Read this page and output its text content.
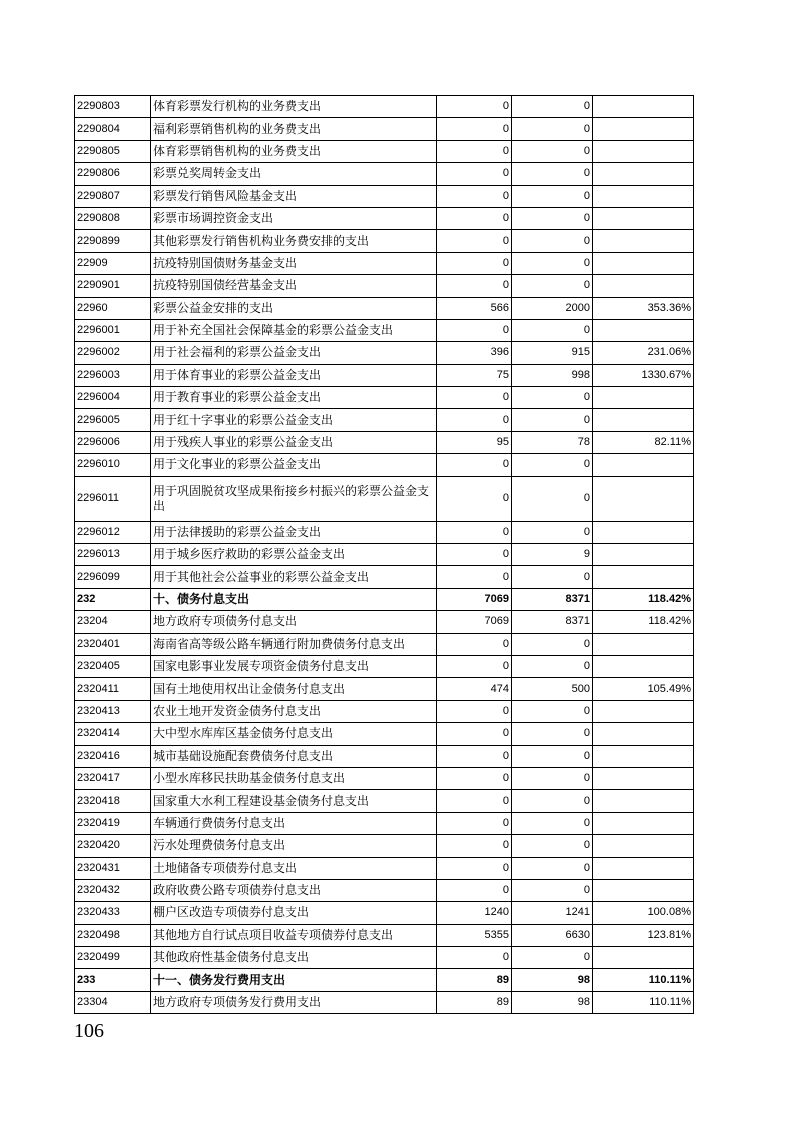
2290803	体育彩票发行机构的业务费支出	0	0	
2290804	福利彩票销售机构的业务费支出	0	0	
2290805	体育彩票销售机构的业务费支出	0	0	
2290806	彩票兑奖周转金支出	0	0	
2290807	彩票发行销售风险基金支出	0	0	
2290808	彩票市场调控资金支出	0	0	
2290899	其他彩票发行销售机构业务费安排的支出	0	0	
22909	抗疫特别国债财务基金支出	0	0	
2290901	抗疫特别国债经营基金支出	0	0	
22960	彩票公益金安排的支出	566	2000	353.36%
2296001	用于补充全国社会保障基金的彩票公益金支出	0	0	
2296002	用于社会福利的彩票公益金支出	396	915	231.06%
2296003	用于体育事业的彩票公益金支出	75	998	1330.67%
2296004	用于教育事业的彩票公益金支出	0	0	
2296005	用于红十字事业的彩票公益金支出	0	0	
2296006	用于残疾人事业的彩票公益金支出	95	78	82.11%
2296010	用于文化事业的彩票公益金支出	0	0	
2296011	用于巩固脱贫攻坚成果衔接乡村振兴的彩票公益金支出	0	0	
2296012	用于法律援助的彩票公益金支出	0	0	
2296013	用于城乡医疗救助的彩票公益金支出	0	9	
2296099	用于其他社会公益事业的彩票公益金支出	0	0	
232	十、债务付息支出	7069	8371	118.42%
23204	地方政府专项债务付息支出	7069	8371	118.42%
2320401	海南省高等级公路车辆通行附加费债务付息支出	0	0	
2320405	国家电影事业发展专项资金债务付息支出	0	0	
2320411	国有土地使用权出让金债务付息支出	474	500	105.49%
2320413	农业土地开发资金债务付息支出	0	0	
2320414	大中型水库库区基金债务付息支出	0	0	
2320416	城市基础设施配套费债务付息支出	0	0	
2320417	小型水库移民扶助基金债务付息支出	0	0	
2320418	国家重大水利工程建设基金债务付息支出	0	0	
2320419	车辆通行费债务付息支出	0	0	
2320420	污水处理费债务付息支出	0	0	
2320431	土地储备专项债券付息支出	0	0	
2320432	政府收费公路专项债券付息支出	0	0	
2320433	棚户区改造专项债券付息支出	1240	1241	100.08%
2320498	其他地方自行试点项目收益专项债券付息支出	5355	6630	123.81%
2320499	其他政府性基金债务付息支出	0	0	
233	十一、债务发行费用支出	89	98	110.11%
23304	地方政府专项债务发行费用支出	89	98	110.11%
106
